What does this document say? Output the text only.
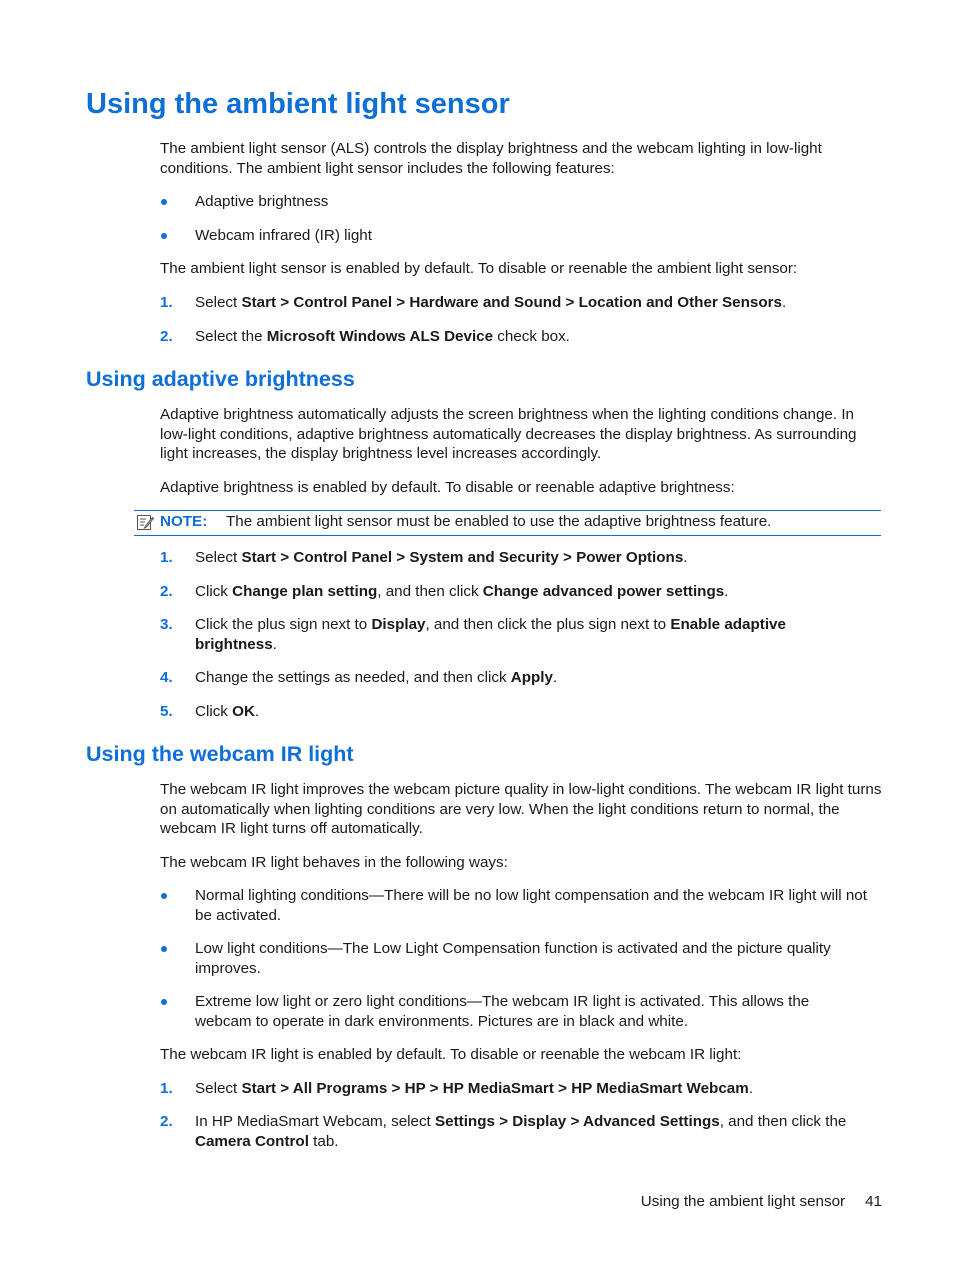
Using the ambient light sensor

The ambient light sensor (ALS) controls the display brightness and the webcam lighting in low-light conditions. The ambient light sensor includes the following features:

Adaptive brightness
Webcam infrared (IR) light

The ambient light sensor is enabled by default. To disable or reenable the ambient light sensor:

1. Select Start > Control Panel > Hardware and Sound > Location and Other Sensors.
2. Select the Microsoft Windows ALS Device check box.
Using adaptive brightness

Adaptive brightness automatically adjusts the screen brightness when the lighting conditions change. In low-light conditions, adaptive brightness automatically decreases the display brightness. As surrounding light increases, the display brightness level increases accordingly.

Adaptive brightness is enabled by default. To disable or reenable adaptive brightness:

NOTE: The ambient light sensor must be enabled to use the adaptive brightness feature.
1. Select Start > Control Panel > System and Security > Power Options.
2. Click Change plan setting, and then click Change advanced power settings.
3. Click the plus sign next to Display, and then click the plus sign next to Enable adaptive brightness.
4. Change the settings as needed, and then click Apply.
5. Click OK.
Using the webcam IR light

The webcam IR light improves the webcam picture quality in low-light conditions. The webcam IR light turns on automatically when lighting conditions are very low. When the light conditions return to normal, the webcam IR light turns off automatically.

The webcam IR light behaves in the following ways:

Normal lighting conditions—There will be no low light compensation and the webcam IR light will not be activated.
Low light conditions—The Low Light Compensation function is activated and the picture quality improves.
Extreme low light or zero light conditions—The webcam IR light is activated. This allows the webcam to operate in dark environments. Pictures are in black and white.

The webcam IR light is enabled by default. To disable or reenable the webcam IR light:

1. Select Start > All Programs > HP > HP MediaSmart > HP MediaSmart Webcam.
2. In HP MediaSmart Webcam, select Settings > Display > Advanced Settings, and then click the Camera Control tab.
Using the ambient light sensor 41
